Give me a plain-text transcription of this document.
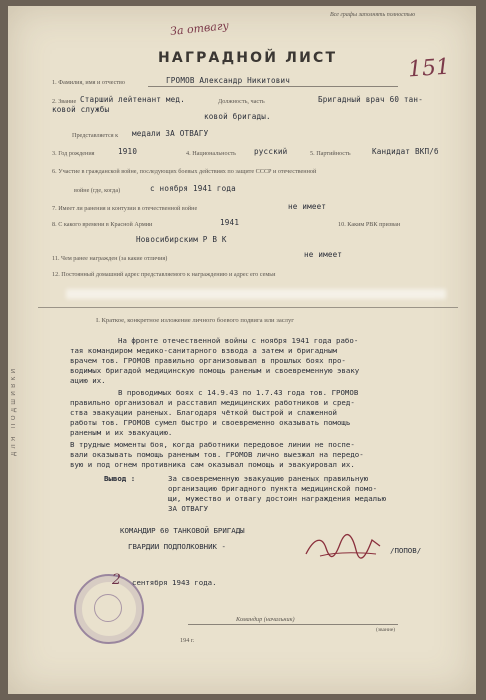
Все графы заполнять полностью
За отвагу
151
НАГРАДНОЙ ЛИСТ
1. Фамилия, имя и отчество	ГРОМОВ Александр Никитович
2. Звание Старший лейтенант мед.	Должность, часть	Бригадный врач 60 тан-
ковой службы
ковой бригады.
Представляется к медали ЗА ОТВАГУ
3. Год рождения	1910	4. Национальность русский	5. Партийность	Кандидат ВКП/б
6. Участие в гражданской войне, последующих боевых действиях по защите СССР и отечественной
войне (где, когда)	с ноября 1941 года
7. Имеет ли ранения и контузии в отечественной войне	не имеет
8. С какого времени в Красной Армии	1941	10. Каким РВК призван
Новосибирским Р В К
11. Чем ранее награжден (за какие отличия)	не имеет
12. Постоянный домашний адрес представляемого к награждению и адрес его семьи
I. Краткое, конкретное изложение личного боевого подвига или заслуг
На фронте отечественной войны с ноября 1941 года рабо-
тая командиром медико-санитарного взвода а затем и бригадным
врачем тов. ГРОМОВ правильно организовывал в прошлых боях про-
водимых бригадой медицинскую помощь раненым и своевременную эваку
ацию их.
В проводимых боях с 14.9.43 по 1.7.43 года тов. ГРОМОВ
правильно организовал и расставил медицинских работников и сред-
ства эвакуации раненых. Благодаря чёткой быстрой и слаженной
работы тов. ГРОМОВ сумел быстро и своевременно оказывать помощь
раненым и их эвакуацию.
В трудные моменты боя, когда работники передовое линии не поспе-
вали оказывать помощь раненым тов. ГРОМОВ лично выезжал на передо-
вую и под огнем противника сам оказывал помощь и эвакуировал их.
Вывод :	За своевременную эвакуацию раненых правильную
организацию бригадного пункта медицинской помо-
щи, мужество и отвагу достоин награждения медалью
ЗА ОТВАГУ
КОМАНДИР 60 ТАНКОВОЙ БРИГАДЫ
ГВАРДИИ ПОДПОЛКОВНИК -	/ПОПОВ/
2 сентября 1943 года.
Командир (начальник)
194 г.
(звание)
ДЛЯ ПОДШИВКИ
